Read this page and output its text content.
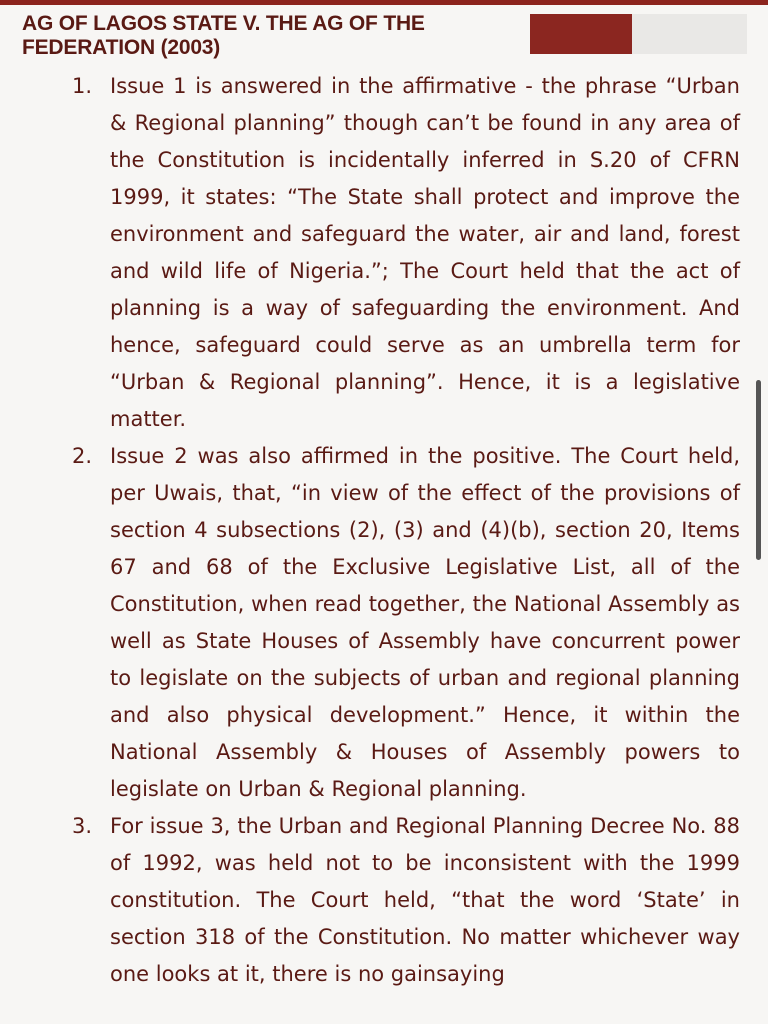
AG OF LAGOS STATE V. THE AG OF THE FEDERATION (2003)
1. Issue 1 is answered in the affirmative - the phrase “Urban & Regional planning” though can’t be found in any area of the Constitution is incidentally inferred in S.20 of CFRN 1999, it states: “The State shall protect and improve the environment and safeguard the water, air and land, forest and wild life of Nigeria.”; The Court held that the act of planning is a way of safeguarding the environment. And hence, safeguard could serve as an umbrella term for “Urban & Regional planning”. Hence, it is a legislative matter.

2. Issue 2 was also affirmed in the positive. The Court held, per Uwais, that, “in view of the effect of the provisions of section 4 subsections (2), (3) and (4)(b), section 20, Items 67 and 68 of the Exclusive Legislative List, all of the Constitution, when read together, the National Assembly as well as State Houses of Assembly have concurrent power to legislate on the subjects of urban and regional planning and also physical development.” Hence, it within the National Assembly & Houses of Assembly powers to legislate on Urban & Regional planning.

3. For issue 3, the Urban and Regional Planning Decree No. 88 of 1992, was held not to be inconsistent with the 1999 constitution. The Court held, “that the word ‘State’ in section 318 of the Constitution. No matter whichever way one looks at it, there is no gainsaying
